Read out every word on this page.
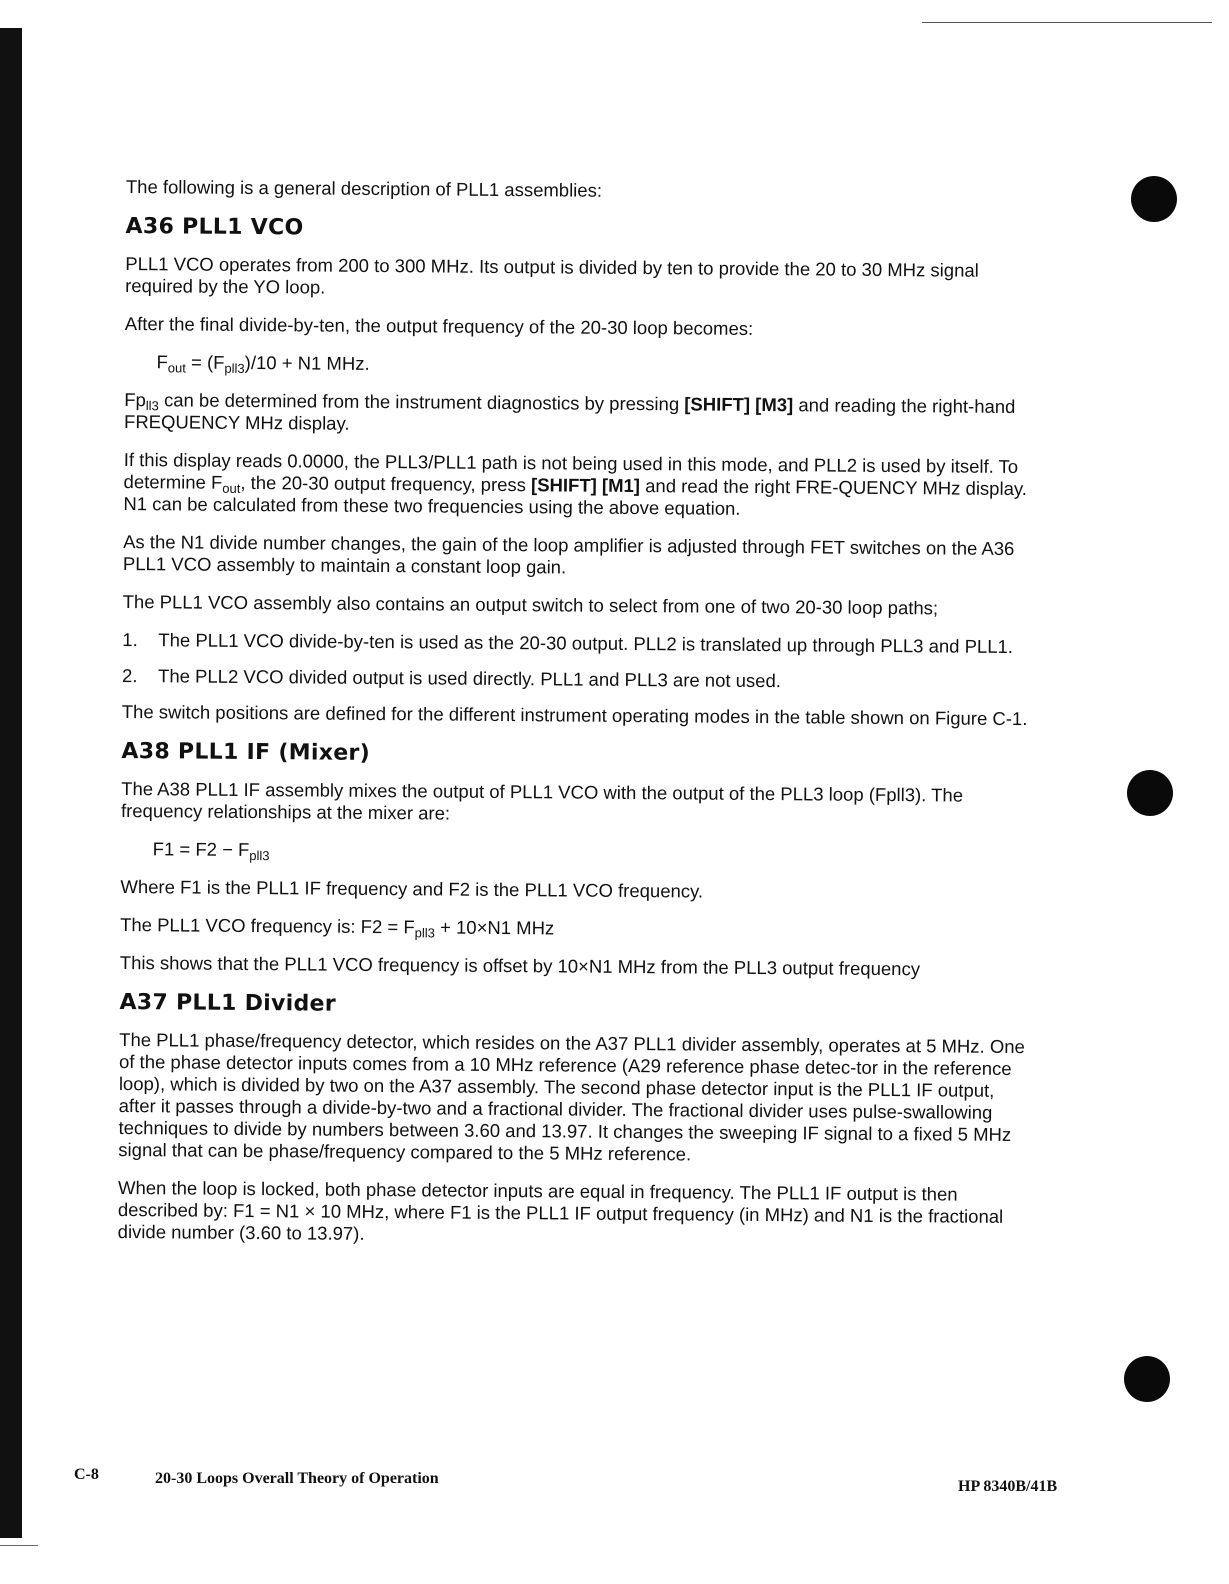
The following is a general description of PLL1 assemblies:

A36 PLL1 VCO

PLL1 VCO operates from 200 to 300 MHz. Its output is divided by ten to provide the 20 to 30 MHz signal required by the YO loop.

After the final divide-by-ten, the output frequency of the 20-30 loop becomes:

$F_{out} = (F_{pll3})/10 + N1$ MHz.

$Fp_{ll3}$ can be determined from the instrument diagnostics by pressing [SHIFT] [M3] and reading the right-hand FREQUENCY MHz display.

If this display reads 0.0000, the PLL3/PLL1 path is not being used in this mode, and PLL2 is used by itself. To determine $F_{out}$, the 20-30 output frequency, press [SHIFT] [M1] and read the right FRE-QUENCY MHz display. N1 can be calculated from these two frequencies using the above equation.

As the N1 divide number changes, the gain of the loop amplifier is adjusted through FET switches on the A36 PLL1 VCO assembly to maintain a constant loop gain.

The PLL1 VCO assembly also contains an output switch to select from one of two 20-30 loop paths;

1.	The PLL1 VCO divide-by-ten is used as the 20-30 output. PLL2 is translated up through PLL3 and PLL1.
2.	The PLL2 VCO divided output is used directly. PLL1 and PLL3 are not used.

The switch positions are defined for the different instrument operating modes in the table shown on Figure C-1.

A38 PLL1 IF (Mixer)

The A38 PLL1 IF assembly mixes the output of PLL1 VCO with the output of the PLL3 loop (Fpll3). The frequency relationships at the mixer are:

$F1 = F2 - F_{pll3}$

Where F1 is the PLL1 IF frequency and F2 is the PLL1 VCO frequency.

The PLL1 VCO frequency is: $F2 = F_{pll3} + 10\times N1$ MHz

This shows that the PLL1 VCO frequency is offset by 10×N1 MHz from the PLL3 output frequency

A37 PLL1 Divider

The PLL1 phase/frequency detector, which resides on the A37 PLL1 divider assembly, operates at 5 MHz. One of the phase detector inputs comes from a 10 MHz reference (A29 reference phase detec-tor in the reference loop), which is divided by two on the A37 assembly. The second phase detector input is the PLL1 IF output, after it passes through a divide-by-two and a fractional divider. The fractional divider uses pulse-swallowing techniques to divide by numbers between 3.60 and 13.97. It changes the sweeping IF signal to a fixed 5 MHz signal that can be phase/frequency compared to the 5 MHz reference.

When the loop is locked, both phase detector inputs are equal in frequency. The PLL1 IF output is then described by: F1 = N1 × 10 MHz, where F1 is the PLL1 IF output frequency (in MHz) and N1 is the fractional divide number (3.60 to 13.97).

C-8	20-30 Loops Overall Theory of Operation	HP 8340B/41B
